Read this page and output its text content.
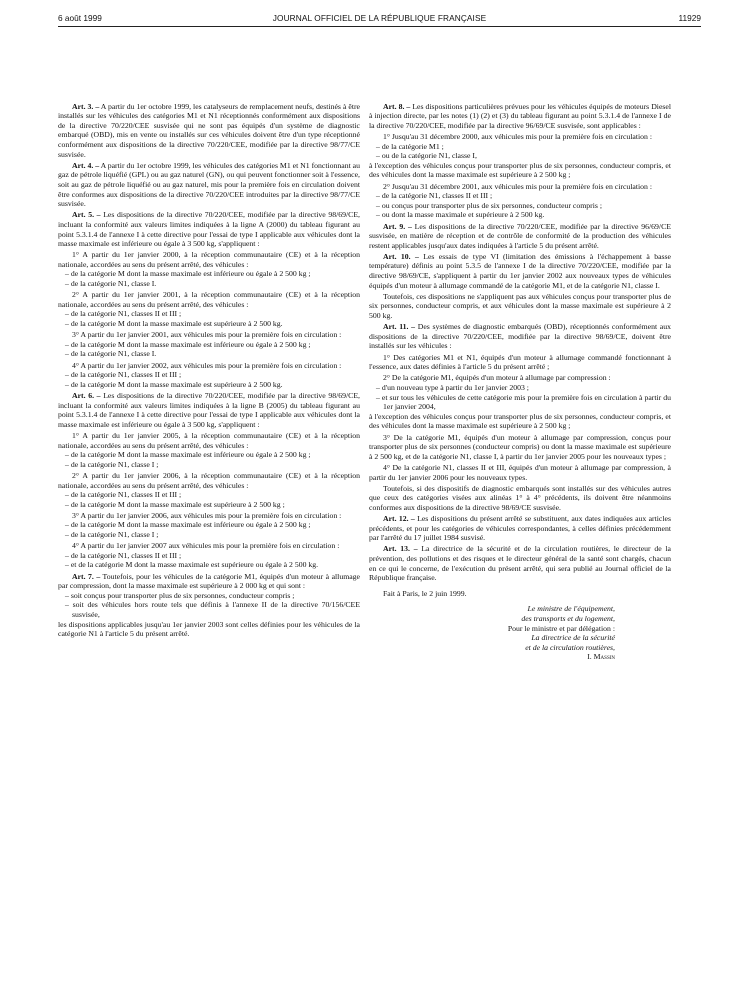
6 août 1999	JOURNAL OFFICIEL DE LA RÉPUBLIQUE FRANÇAISE	11929

Art. 3. – A partir du 1er octobre 1999, les catalyseurs de remplacement neufs, destinés à être installés sur les véhicules des catégories M1 et N1 réceptionnés conformément aux dispositions de la directive 70/220/CEE susvisée qui ne sont pas équipés d'un système de diagnostic embarqué (OBD), mis en vente ou installés sur ces véhicules doivent être d'un type réceptionné conformément aux dispositions de la directive 70/220/CEE, modifiée par la directive 98/77/CE susvisée.

Art. 4. – A partir du 1er octobre 1999, les véhicules des catégories M1 et N1 fonctionnant au gaz de pétrole liquéfié (GPL) ou au gaz naturel (GN), ou qui peuvent fonctionner soit à l'essence, soit au gaz de pétrole liquéfié ou au gaz naturel, mis pour la première fois en circulation doivent être conformes aux dispositions de la directive 70/220/CEE introduites par la directive 98/77/CE susvisée.

Art. 5. – Les dispositions de la directive 70/220/CEE, modifiée par la directive 98/69/CE, incluant la conformité aux valeurs limites indiquées à la ligne A (2000) du tableau figurant au point 5.3.1.4 de l'annexe I à cette directive pour l'essai de type I applicable aux véhicules dont la masse maximale est inférieure ou égale à 3 500 kg, s'appliquent :

1° A partir du 1er janvier 2000, à la réception communautaire (CE) et à la réception nationale, accordées au sens du présent arrêté, des véhicules :

– de la catégorie M dont la masse maximale est inférieure ou égale à 2 500 kg ;

– de la catégorie N1, classe I.

2° A partir du 1er janvier 2001, à la réception communautaire (CE) et à la réception nationale, accordées au sens du présent arrêté, des véhicules :

– de la catégorie N1, classes II et III ;

– de la catégorie M dont la masse maximale est supérieure à 2 500 kg.

3° A partir du 1er janvier 2001, aux véhicules mis pour la première fois en circulation :

– de la catégorie M dont la masse maximale est inférieure ou égale à 2 500 kg ;

– de la catégorie N1, classe I.

4° A partir du 1er janvier 2002, aux véhicules mis pour la première fois en circulation :

– de la catégorie N1, classes II et III ;

– de la catégorie M dont la masse maximale est supérieure à 2 500 kg.

Art. 6. – Les dispositions de la directive 70/220/CEE, modifiée par la directive 98/69/CE, incluant la conformité aux valeurs limites indiquées à la ligne B (2005) du tableau figurant au point 5.3.1.4 de l'annexe I à cette directive pour l'essai de type I applicable aux véhicules dont la masse maximale est inférieure ou égale à 3 500 kg, s'appliquent :

1° A partir du 1er janvier 2005, à la réception communautaire (CE) et à la réception nationale, accordées au sens du présent arrêté, des véhicules :

– de la catégorie M dont la masse maximale est inférieure ou égale à 2 500 kg ;

– de la catégorie N1, classe I ;

2° A partir du 1er janvier 2006, à la réception communautaire (CE) et à la réception nationale, accordées au sens du présent arrêté, des véhicules :

– de la catégorie N1, classes II et III ;

– de la catégorie M dont la masse maximale est supérieure à 2 500 kg ;

3° A partir du 1er janvier 2006, aux véhicules mis pour la première fois en circulation :

– de la catégorie M dont la masse maximale est inférieure ou égale à 2 500 kg ;

– de la catégorie N1, classe I ;

4° A partir du 1er janvier 2007 aux véhicules mis pour la première fois en circulation :

– de la catégorie N1, classes II et III ;

– et de la catégorie M dont la masse maximale est supérieure ou égale à 2 500 kg.

Art. 7. – Toutefois, pour les véhicules de la catégorie M1, équipés d'un moteur à allumage par compression, dont la masse maximale est supérieure à 2 000 kg et qui sont :

– soit conçus pour transporter plus de six personnes, conducteur compris ;

– soit des véhicules hors route tels que définis à l'annexe II de la directive 70/156/CEE susvisée,

les dispositions applicables jusqu'au 1er janvier 2003 sont celles définies pour les véhicules de la catégorie N1 à l'article 5 du présent arrêté.

Art. 8. – Les dispositions particulières prévues pour les véhicules équipés de moteurs Diesel à injection directe, par les notes (1) (2) et (3) du tableau figurant au point 5.3.1.4 de l'annexe I de la directive 70/220/CEE, modifiée par la directive 96/69/CE susvisée, sont applicables :

1° Jusqu'au 31 décembre 2000, aux véhicules mis pour la première fois en circulation :

– de la catégorie M1 ;

– ou de la catégorie N1, classe I,

à l'exception des véhicules conçus pour transporter plus de six personnes, conducteur compris, et des véhicules dont la masse maximale est supérieure à 2 500 kg ;

2° Jusqu'au 31 décembre 2001, aux véhicules mis pour la première fois en circulation :

– de la catégorie N1, classes II et III ;

– ou conçus pour transporter plus de six personnes, conducteur compris ;

– ou dont la masse maximale et supérieure à 2 500 kg.

Art. 9. – Les dispositions de la directive 70/220/CEE, modifiée par la directive 96/69/CE susvisée, en matière de réception et de contrôle de conformité de la production des véhicules restent applicables jusqu'aux dates indiquées à l'article 5 du présent arrêté.

Art. 10. – Les essais de type VI (limitation des émissions à l'échappement à basse température) définis au point 5.3.5 de l'annexe I de la directive 70/220/CEE, modifiée par la directive 98/69/CE, s'appliquent à partir du 1er janvier 2002 aux nouveaux types de véhicules équipés d'un moteur à allumage commandé de la catégorie M1, et de la catégorie N1, classe I.

Toutefois, ces dispositions ne s'appliquent pas aux véhicules conçus pour transporter plus de six personnes, conducteur compris, et aux véhicules dont la masse maximale est supérieure à 2 500 kg.

Art. 11. – Des systèmes de diagnostic embarqués (OBD), réceptionnés conformément aux dispositions de la directive 70/220/CEE, modifiée par la directive 98/69/CE, doivent être installés sur les véhicules :

1° Des catégories M1 et N1, équipés d'un moteur à allumage commandé fonctionnant à l'essence, aux dates définies à l'article 5 du présent arrêté ;

2° De la catégorie M1, équipés d'un moteur à allumage par compression :

– d'un nouveau type à partir du 1er janvier 2003 ;

– et sur tous les véhicules de cette catégorie mis pour la première fois en circulation à partir du 1er janvier 2004,

à l'exception des véhicules conçus pour transporter plus de six personnes, conducteur compris, et des véhicules dont la masse maximale est supérieure à 2 500 kg ;

3° De la catégorie M1, équipés d'un moteur à allumage par compression, conçus pour transporter plus de six personnes (conducteur compris) ou dont la masse maximale est supérieure à 2 500 kg, et de la catégorie N1, classe I, à partir du 1er janvier 2005 pour les nouveaux types ;

4° De la catégorie N1, classes II et III, équipés d'un moteur à allumage par compression, à partir du 1er janvier 2006 pour les nouveaux types.

Toutefois, si des dispositifs de diagnostic embarqués sont installés sur des véhicules autres que ceux des catégories visées aux alinéas 1° à 4° précédents, ils doivent être néanmoins conformes aux dispositions de la directive 98/69/CE susvisée.

Art. 12. – Les dispositions du présent arrêté se substituent, aux dates indiquées aux articles précédents, et pour les catégories de véhicules correspondantes, à celles définies précédemment par l'arrêté du 17 juillet 1984 susvisé.

Art. 13. – La directrice de la sécurité et de la circulation routières, le directeur de la prévention, des pollutions et des risques et le directeur général de la santé sont chargés, chacun en ce qui le concerne, de l'exécution du présent arrêté, qui sera publié au Journal officiel de la République française.

Fait à Paris, le 2 juin 1999.

Le ministre de l'équipement,

des transports et du logement,

Pour le ministre et par délégation :

La directrice de la sécurité

et de la circulation routières,

I. Massin
